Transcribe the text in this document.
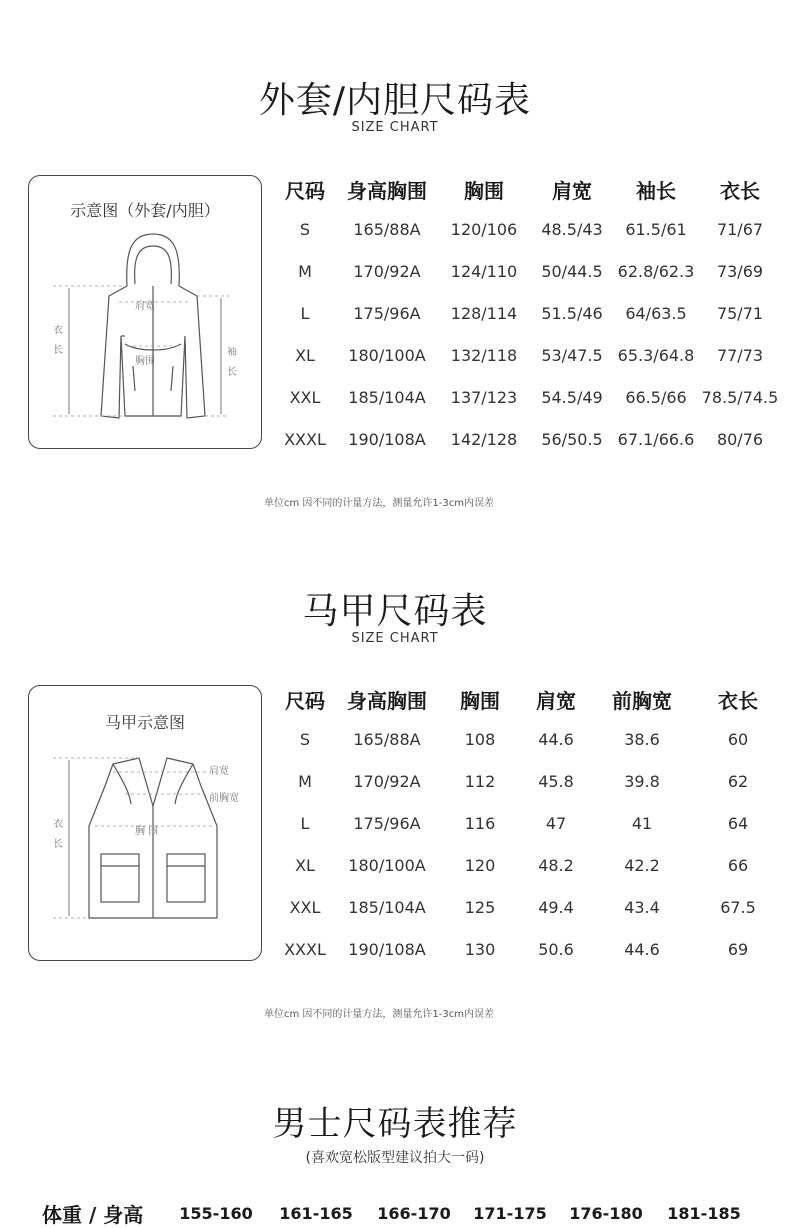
外套/内胆尺码表
SIZE CHART
示意图（外套/内胆）
肩宽
胸围
衣
长	袖
长
尺码	身高胸围	胸围	肩宽	袖长	衣长
S	165/88A	120/106	48.5/43	61.5/61	71/67
M	170/92A	124/110	50/44.5	62.8/62.3	73/69
L	175/96A	128/114	51.5/46	64/63.5	75/71
XL	180/100A	132/118	53/47.5	65.3/64.8	77/73
XXL	185/104A	137/123	54.5/49	66.5/66	78.5/74.5
XXXL	190/108A	142/128	56/50.5	67.1/66.6	80/76
单位cm 因不同的计量方法，测量允许1-3cm内误差
马甲尺码表
SIZE CHART
马甲示意图
肩宽
前胸宽
胸 围
衣
长
尺码	身高胸围	胸围	肩宽	前胸宽	衣长
S	165/88A	108	44.6	38.6	60
M	170/92A	112	45.8	39.8	62
L	175/96A	116	47	41	64
XL	180/100A	120	48.2	42.2	66
XXL	185/104A	125	49.4	43.4	67.5
XXXL	190/108A	130	50.6	44.6	69
单位cm 因不同的计量方法，测量允许1-3cm内误差
男士尺码表推荐
(喜欢宽松版型建议拍大一码)
体重 / 身高 155-160 161-165 166-170 171-175 176-180 181-185
